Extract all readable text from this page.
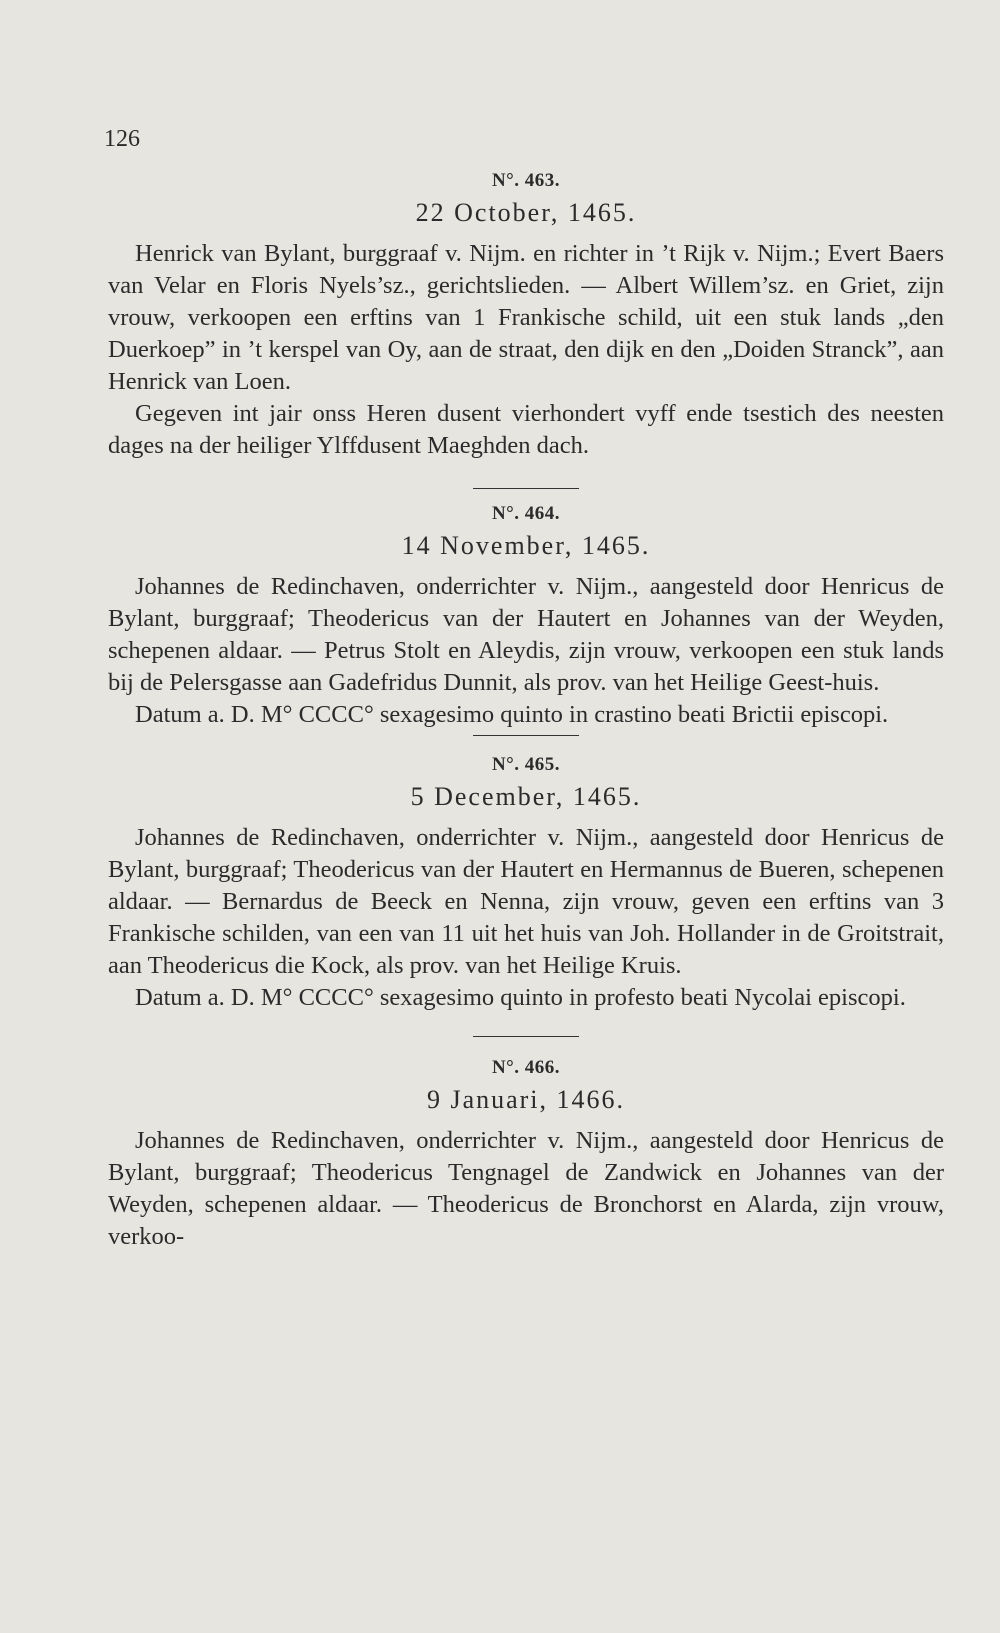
126
N°. 463.
22 October, 1465.

Henrick van Bylant, burggraaf v. Nijm. en richter in ’t Rijk v. Nijm.; Evert Baers van Velar en Floris Nyels’sz., gerichtslieden. — Albert Willem’sz. en Griet, zijn vrouw, verkoopen een erftins van 1 Frankische schild, uit een stuk lands „den Duerkoep” in ’t kerspel van Oy, aan de straat, den dijk en den „Doiden Stranck”, aan Henrick van Loen.

Gegeven int jair onss Heren dusent vierhondert vyff ende tsestich des neesten dages na der heiliger Ylffdusent Maeghden dach.

N°. 464.
14 November, 1465.

Johannes de Redinchaven, onderrichter v. Nijm., aangesteld door Henricus de Bylant, burggraaf; Theodericus van der Hautert en Johannes van der Weyden, schepenen aldaar. — Petrus Stolt en Aleydis, zijn vrouw, verkoopen een stuk lands bij de Pelersgasse aan Gadefridus Dunnit, als prov. van het Heilige Geest-huis.

Datum a. D. M° CCCC° sexagesimo quinto in crastino beati Brictii episcopi.

N°. 465.
5 December, 1465.

Johannes de Redinchaven, onderrichter v. Nijm., aangesteld door Henricus de Bylant, burggraaf; Theodericus van der Hautert en Hermannus de Bueren, schepenen aldaar. — Bernardus de Beeck en Nenna, zijn vrouw, geven een erftins van 3 Frankische schilden, van een van 11 uit het huis van Joh. Hollander in de Groitstrait, aan Theodericus die Kock, als prov. van het Heilige Kruis.

Datum a. D. M° CCCC° sexagesimo quinto in profesto beati Nycolai episcopi.

N°. 466.
9 Januari, 1466.

Johannes de Redinchaven, onderrichter v. Nijm., aangesteld door Henricus de Bylant, burggraaf; Theodericus Tengnagel de Zandwick en Johannes van der Weyden, schepenen aldaar. — Theodericus de Bronchorst en Alarda, zijn vrouw, verkoo-
